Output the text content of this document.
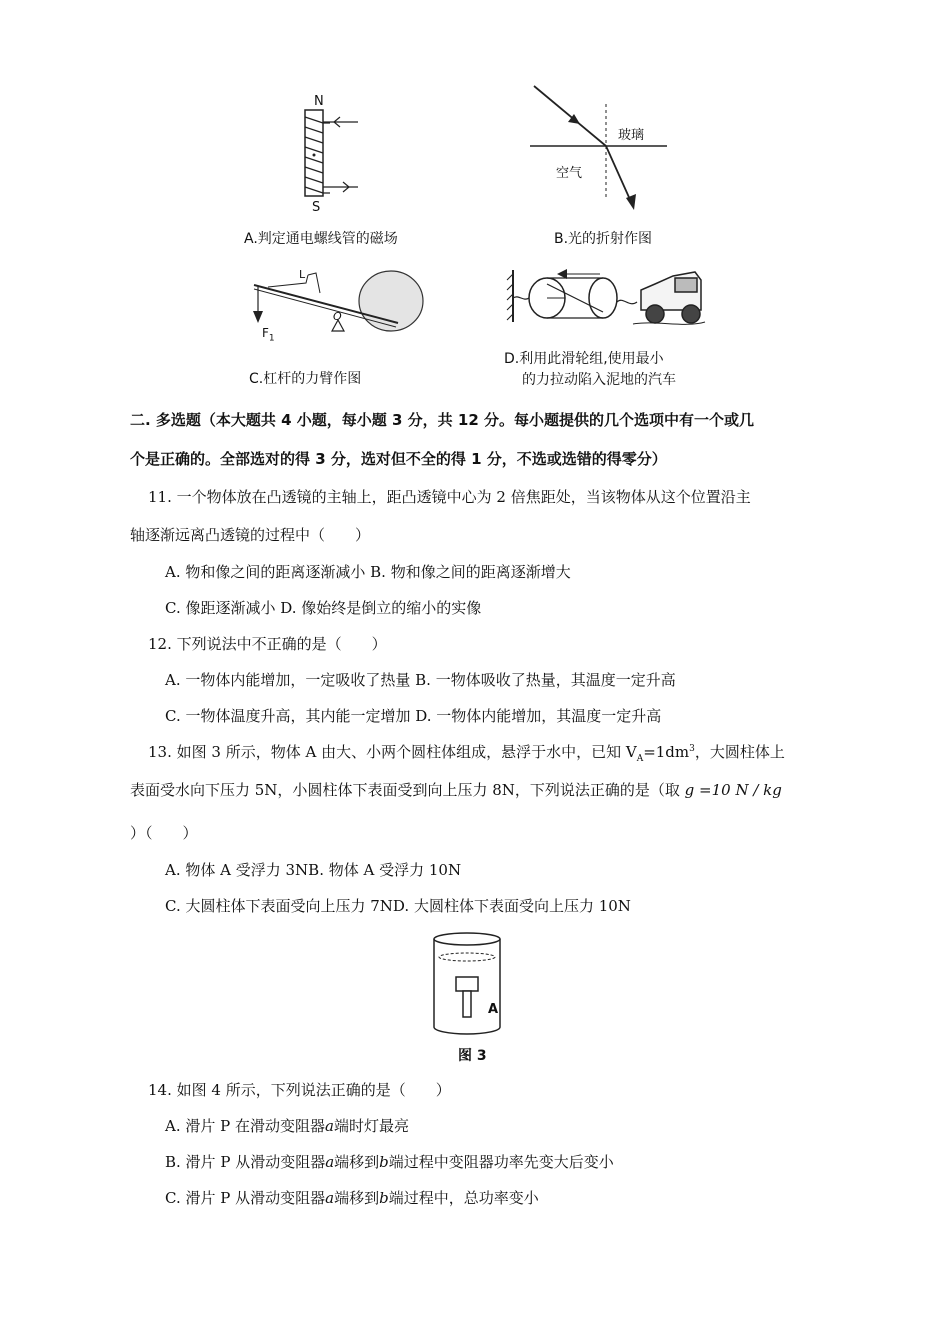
N
S
A.判定通电螺线管的磁场
玻璃
空气
B.光的折射作图
L
$F_1$
O
C.杠杆的力臂作图
D.利用此滑轮组,使用最小
的力拉动陷入泥地的汽车
二. 多选题（本大题共 4 小题，每小题 3 分，共 12 分。每小题提供的几个选项中有一个或几
个是正确的。全部选对的得 3 分，选对但不全的得 1 分，不选或选错的得零分）
11. 一个物体放在凸透镜的主轴上，距凸透镜中心为 2 倍焦距处，当该物体从这个位置沿主
轴逐渐远离凸透镜的过程中（　　）
A. 物和像之间的距离逐渐减小 B. 物和像之间的距离逐渐增大
C. 像距逐渐减小 D. 像始终是倒立的缩小的实像
12. 下列说法中不正确的是（　　）
A. 一物体内能增加，一定吸收了热量 B. 一物体吸收了热量，其温度一定升高
C. 一物体温度升高，其内能一定增加 D. 一物体内能增加，其温度一定升高
13. 如图 3 所示，物体 A 由大、小两个圆柱体组成，悬浮于水中，已知 $V_A=1dm^3$，大圆柱体上
表面受水向下压力 5N，小圆柱体下表面受到向上压力 8N，下列说法正确的是（取 g =10 N / kg
）（　　）
A. 物体 A 受浮力 3NB. 物体 A 受浮力 10N
C. 大圆柱体下表面受向上压力 7ND. 大圆柱体下表面受向上压力 10N
A
图 3
14. 如图 4 所示，下列说法正确的是（　　）
A. 滑片 P 在滑动变阻器a端时灯最亮
B. 滑片 P 从滑动变阻器a端移到b端过程中变阻器功率先变大后变小
C. 滑片 P 从滑动变阻器a端移到b端过程中，总功率变小
